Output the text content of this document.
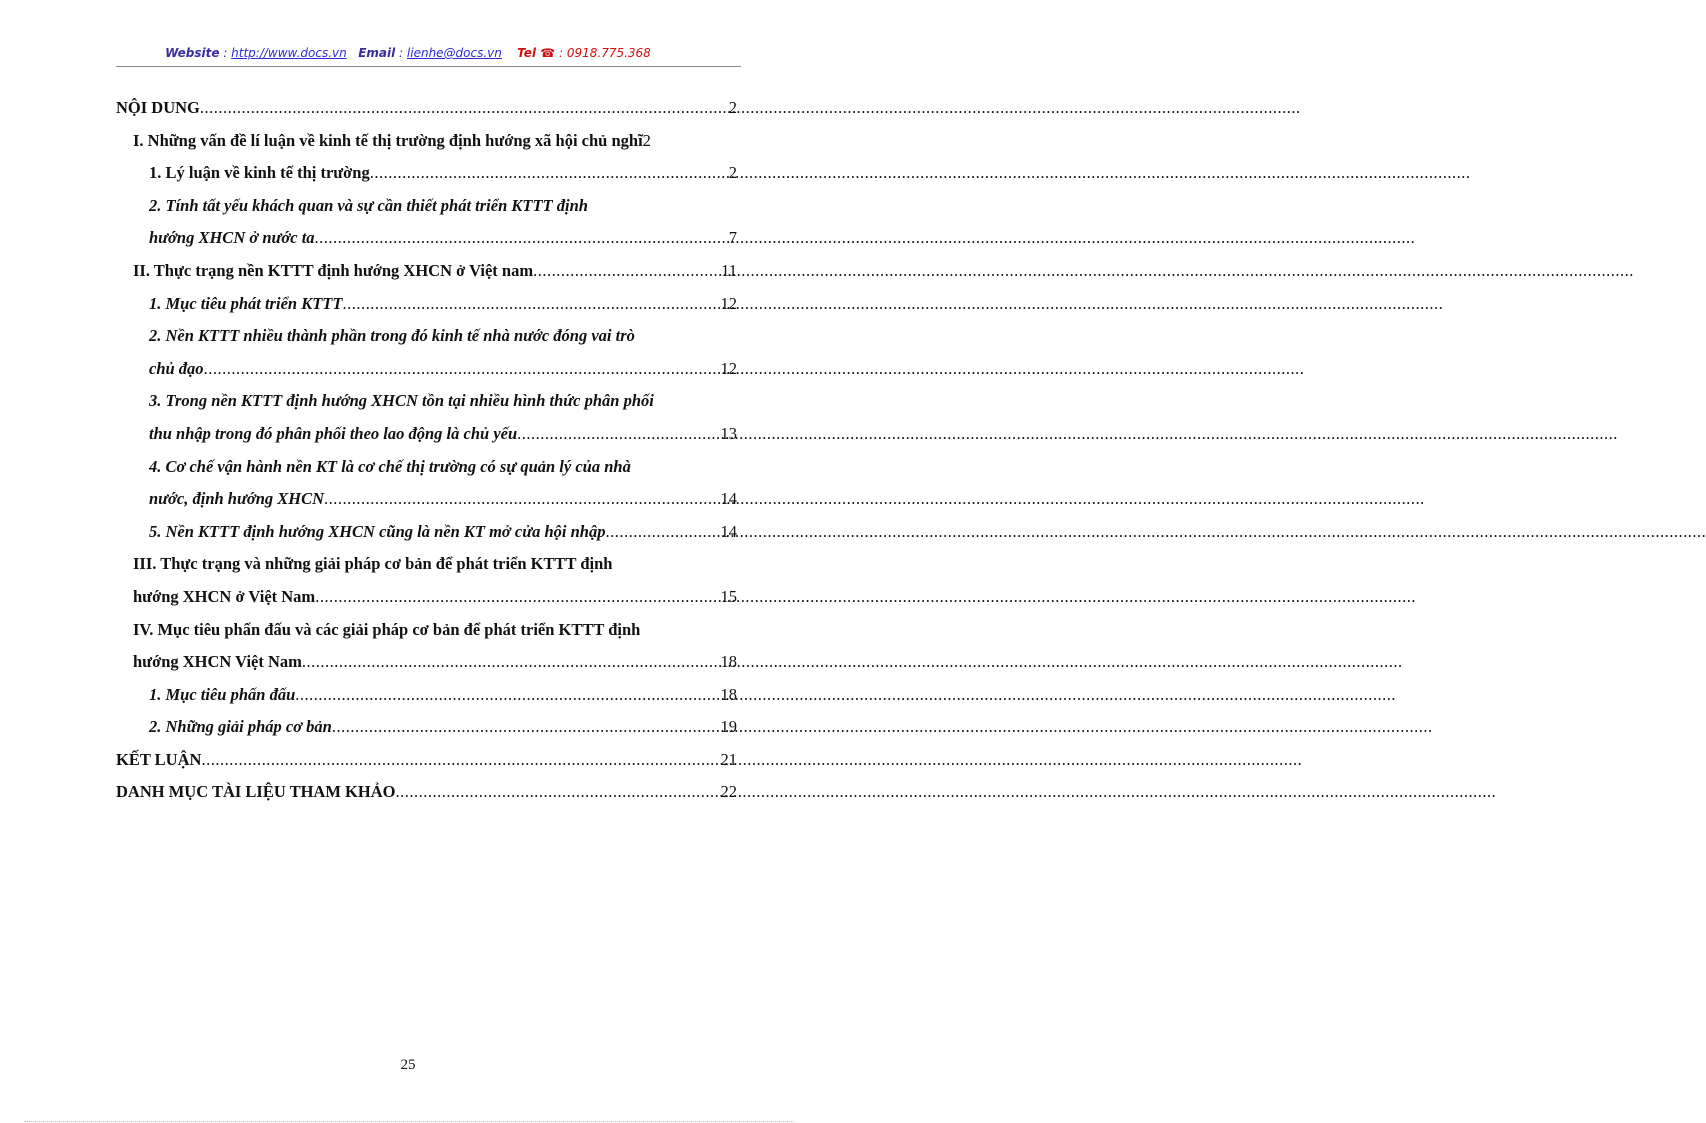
Website : http://www.docs.vn Email : lienhe@docs.vn Tel ☎ : 0918.775.368
NỘI DUNG .....	2
I. Những vấn đề lí luận về kinh tế thị trường định hướng xã hội chủ nghĩ 2
1. Lý luận về kinh tế thị trường .....	2
2. Tính tất yếu khách quan và sự cần thiết phát triển KTTT định
hướng XHCN ở nước ta .....	7
II. Thực trạng nền KTTT định hướng XHCN ở Việt nam .....	11
1. Mục tiêu phát triển KTTT .....	12
2. Nền KTTT nhiều thành phần trong đó kinh tế nhà nước đóng vai trò
chủ đạo .....	12
3. Trong nền KTTT định hướng XHCN tồn tại nhiều hình thức phân phối
thu nhập trong đó phân phối theo lao động là chủ yếu .....	13
4. Cơ chế vận hành nền KT là cơ chế thị trường có sự quản lý của nhà
nước, định hướng XHCN .....	14
5. Nền KTTT định hướng XHCN cũng là nền KT mở cửa hội nhập .....	14
III. Thực trạng và những giải pháp cơ bản để phát triển KTTT định
hướng XHCN ở Việt Nam .....	15
IV. Mục tiêu phấn đấu và các giải pháp cơ bản để phát triển KTTT định
hướng XHCN Việt Nam .....	18
1. Mục tiêu phấn đấu .....	18
2. Những giải pháp cơ bản .....	19
KẾT LUẬN .....	21
DANH MỤC TÀI LIỆU THAM KHẢO .....	22
25
